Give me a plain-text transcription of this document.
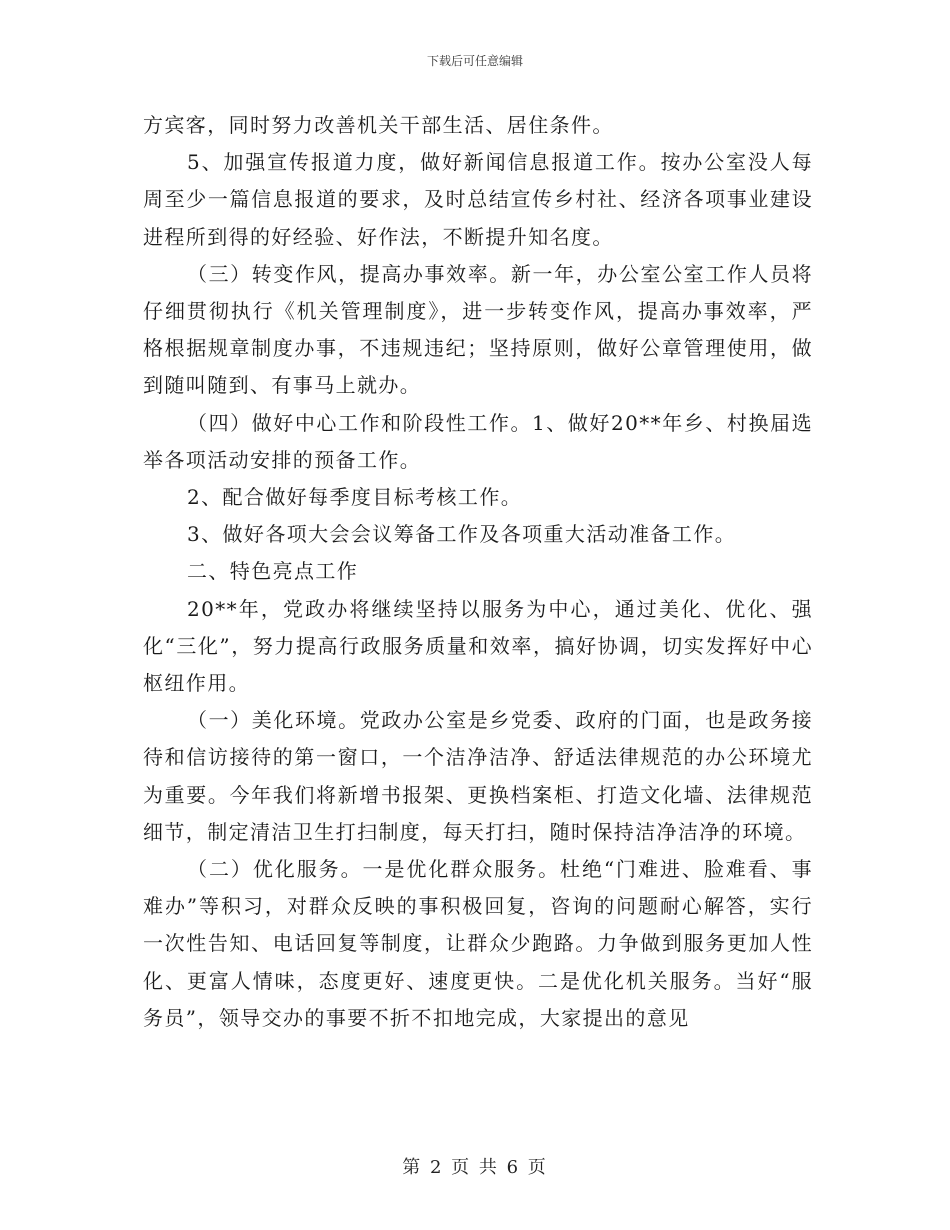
下载后可任意编辑

方宾客，同时努力改善机关干部生活、居住条件。

5、加强宣传报道力度，做好新闻信息报道工作。按办公室没人每周至少一篇信息报道的要求，及时总结宣传乡村社、经济各项事业建设进程所到得的好经验、好作法，不断提升知名度。

（三）转变作风，提高办事效率。新一年，办公室公室工作人员将仔细贯彻执行《机关管理制度》，进一步转变作风，提高办事效率，严格根据规章制度办事，不违规违纪；坚持原则，做好公章管理使用，做到随叫随到、有事马上就办。

（四）做好中心工作和阶段性工作。1、做好20**年乡、村换届选举各项活动安排的预备工作。

2、配合做好每季度目标考核工作。

3、做好各项大会会议筹备工作及各项重大活动准备工作。

二、特色亮点工作

20**年，党政办将继续坚持以服务为中心，通过美化、优化、强化“三化”，努力提高行政服务质量和效率，搞好协调，切实发挥好中心枢纽作用。

（一）美化环境。党政办公室是乡党委、政府的门面，也是政务接待和信访接待的第一窗口，一个洁净洁净、舒适法律规范的办公环境尤为重要。今年我们将新增书报架、更换档案柜、打造文化墙、法律规范细节，制定清洁卫生打扫制度，每天打扫，随时保持洁净洁净的环境。

（二）优化服务。一是优化群众服务。杜绝“门难进、脸难看、事难办”等积习，对群众反映的事积极回复，咨询的问题耐心解答，实行一次性告知、电话回复等制度，让群众少跑路。力争做到服务更加人性化、更富人情味，态度更好、速度更快。二是优化机关服务。当好“服务员”，领导交办的事要不折不扣地完成，大家提出的意见

第 2 页 共 6 页
